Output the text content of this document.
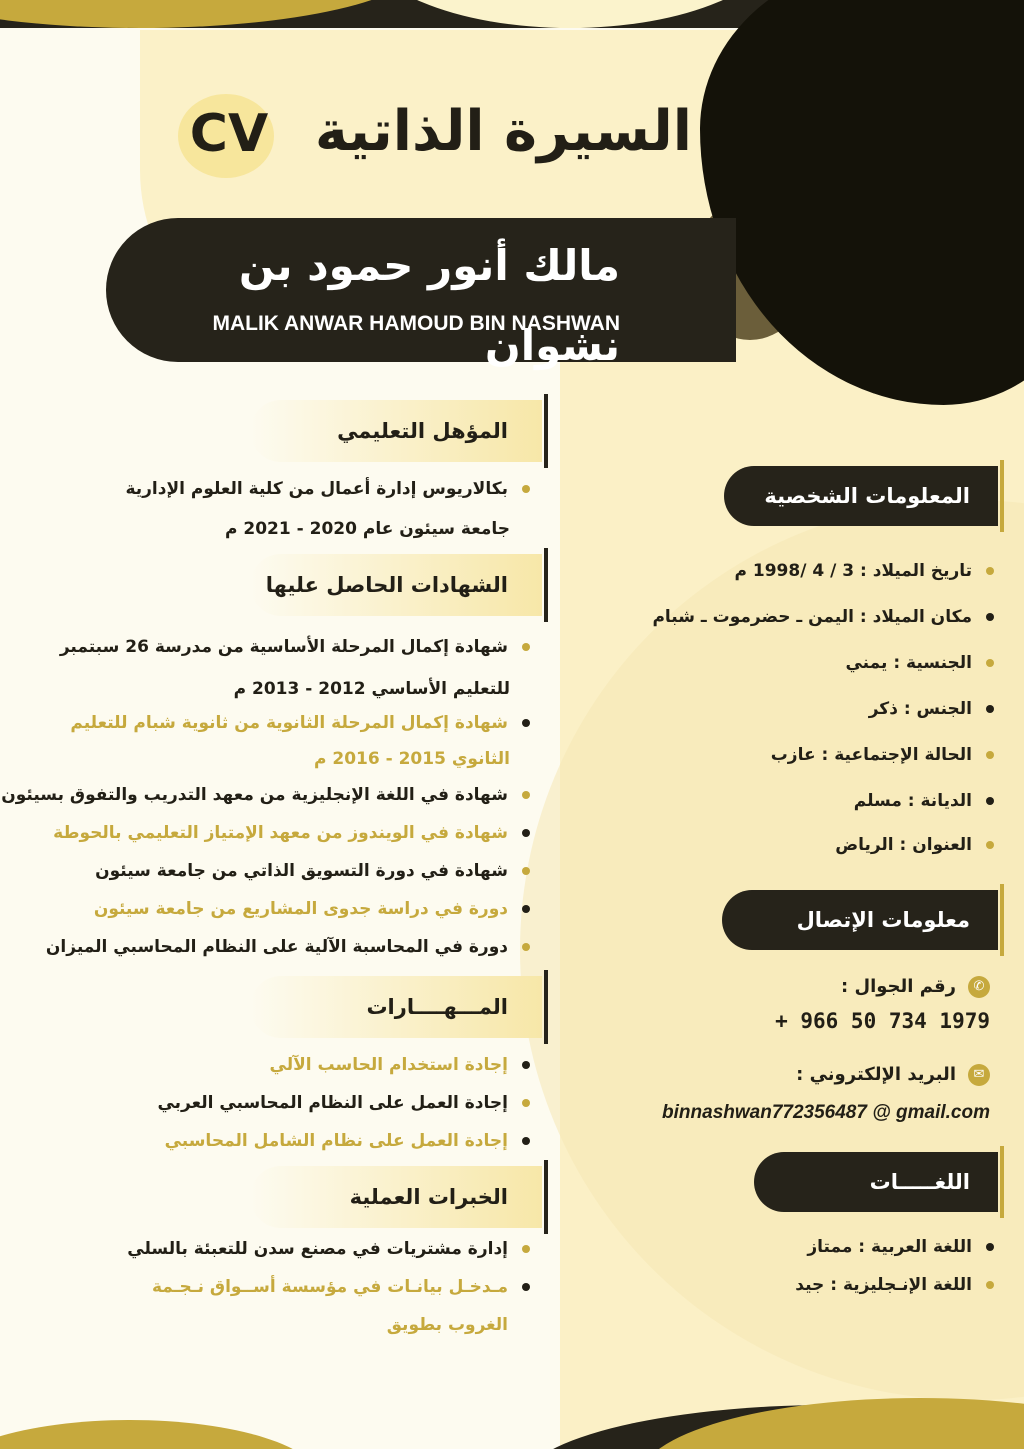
CV السيرة الذاتية
مالك أنور حمود بن نشوان
MALIK ANWAR HAMOUD BIN NASHWAN
المؤهل التعليمي
بكالاريوس إدارة أعمال من كلية العلوم الإدارية
جامعة سيئون عام 2020 - 2021 م
الشهادات الحاصل عليها
شهادة إكمال المرحلة الأساسية من مدرسة 26 سبتمبر
للتعليم الأساسي 2012 - 2013 م
شهادة إكمال المرحلة الثانوية من ثانوية شبام للتعليم
الثانوي 2015 - 2016 م
شهادة في اللغة الإنجليزية من معهد التدريب والتفوق بسيئون
شهادة في الويندوز من معهد الإمتياز التعليمي بالحوطة
شهادة في دورة التسويق الذاتي من جامعة سيئون
دورة في دراسة جدوى المشاريع من جامعة سيئون
دورة في المحاسبة الآلية على النظام المحاسبي الميزان
المـــهــــارات
إجادة استخدام الحاسب الآلي
إجادة العمل على النظام المحاسبي العربي
إجادة العمل على نظام الشامل المحاسبي
الخبرات العملية
إدارة مشتريات في مصنع سدن للتعبئة بالسلي
مـدخـل بيانـات في مؤسسة أســواق نـجـمة
الغروب بطويق
المعلومات الشخصية
تاريخ الميلاد : 3 / 4 /1998 م
مكان الميلاد : اليمن ـ حضرموت ـ شبام
الجنسية : يمني
الجنس : ذكر
الحالة الإجتماعية : عازب
الديانة : مسلم
العنوان : الرياض
معلومات الإتصال
✆
رقم الجوال :
+ 966 50 734 1979
✉
البريد الإلكتروني :
binnashwan772356487 @ gmail.com
اللغـــــات
اللغة العربية : ممتاز
اللغة الإنـجليزية : جيد
